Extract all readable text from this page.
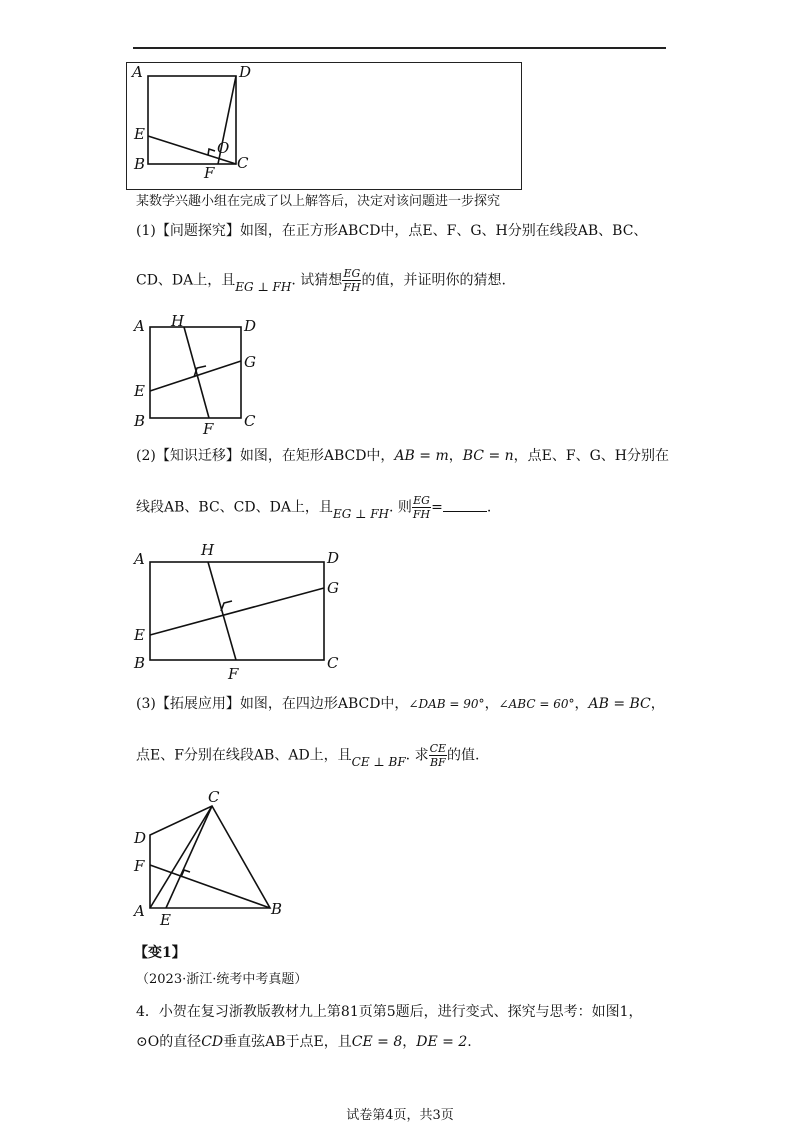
A	D
E
B	F
O
C
某数学兴趣小组在完成了以上解答后，决定对该问题进一步探究
(1)【问题探究】如图，在正方形ABCD中，点E、F、G、H分别在线段AB、BC、
CD、DA上，且EG ⊥ FH. 试猜想 $\frac{EG}{FH}$ 的值，并证明你的猜想.
A H	D
G
E
B	F C
(2)【知识迁移】如图，在矩形ABCD中，AB = m，BC = n，点E、F、G、H分别在
线段AB、BC、CD、DA上，且EG ⊥ FH. 则 $\frac{EG}{FH}$ =	.
A	H	D
G
E
B
F
C
(3)【拓展应用】如图，在四边形ABCD中，∠DAB = 90°，∠ABC = 60°，AB = BC，
点E、F分别在线段AB、AD上，且CE ⊥ BF. 求 $\frac{CE}{BF}$ 的值.
C
D
F
A E
B
【变1】
（2023·浙江·统考中考真题）
4．小贺在复习浙教版教材九上第81页第5题后，进行变式、探究与思考：如图1，
⊙O的直径CD垂直弦AB于点E，且CE = 8，DE = 2.
试卷第4页，共3页
